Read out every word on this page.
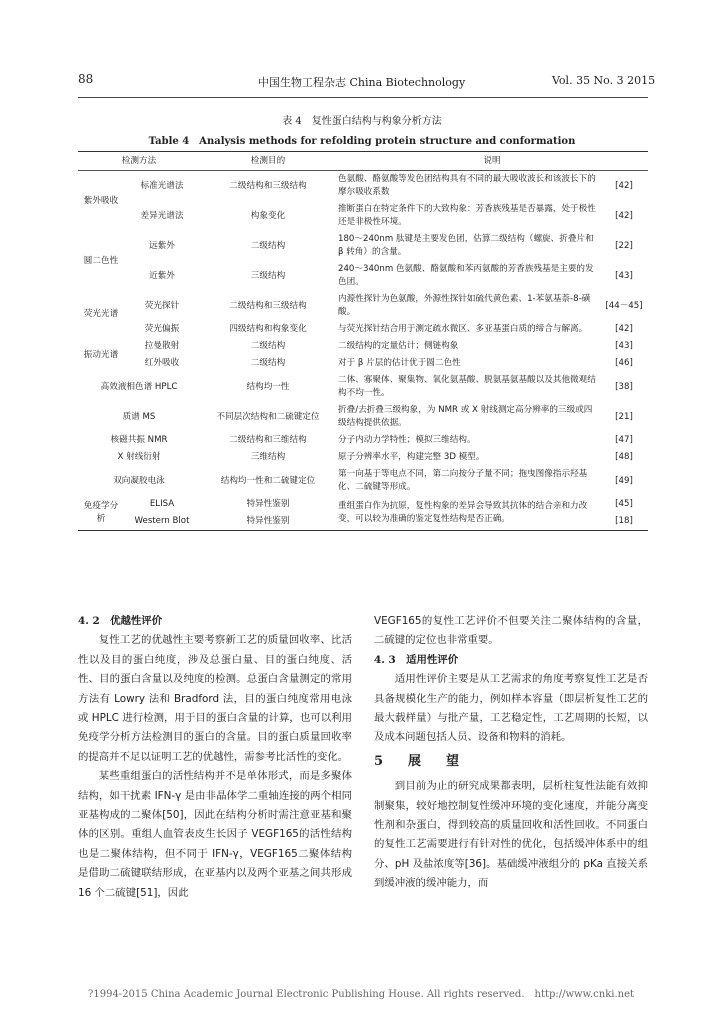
88	中国生物工程杂志 China Biotechnology	Vol. 35 No. 3 2015
表 4　复性蛋白结构与构象分析方法
Table 4　Analysis methods for refolding protein structure and conformation
检测方法		检测目的	说明	
紫外吸收	标准光谱法	二级结构和三级结构	色氨酸、酪氨酸等发色团结构具有不同的最大吸收波长和该波长下的摩尔吸收系数	[42]
	差异光谱法	构象变化	推断蛋白在特定条件下的大致构象：芳香族残基是否暴露，处于极性还是非极性环境。	[42]
圆二色性	远紫外	二级结构	180～240nm 肽键是主要发色团，估算二级结构（螺旋、折叠片和 β 转角）的含量。	[22]
	近紫外	三级结构	240～340nm 色氨酸、酪氨酸和苯丙氨酸的芳香族残基是主要的发色团。	[43]
荧光光谱	荧光探针	二级结构和三级结构	内源性探针为色氨酸，外源性探针如硫代黄色素、1-苯氨基萘-8-磺酸。	[44－45]
	荧光偏振	四级结构和构象变化	与荧光探针结合用于测定疏水微区、多亚基蛋白质的缔合与解离。	[42]
振动光谱	拉曼散射	二级结构	二级结构的定量估计；侧链构象	[43]
	红外吸收	二级结构	对于 β 片层的估计优于圆二色性	[46]
高效液相色谱 HPLC		结构均一性	二体、寡聚体、聚集物、氧化氨基酸、脱氨基氨基酸以及其他微观结构不均一性。	[38]
质谱 MS		不同层次结构和二硫键定位	折叠/去折叠三级构象，为 NMR 或 X 射线测定高分辨率的三级或四级结构提供依据。	[21]
核磁共振 NMR		二级结构和三维结构	分子内动力学特性；模拟三维结构。	[47]
X 射线衍射		三维结构	原子分辨率水平，构建完整 3D 模型。	[48]
双向凝胶电泳		结构均一性和二硫键定位	第一向基于等电点不同，第二向按分子量不同；拖曳图像指示羟基化、二硫键等形成。	[49]
免疫学分析	ELISA	特异性鉴别	重组蛋白作为抗原，复性构象的差异会导致其抗体的结合亲和力改变，可以较为准确的鉴定复性结构是否正确。	[45]
	Western Blot	特异性鉴别		[18]
4. 2　优越性评价

复性工艺的优越性主要考察新工艺的质量回收率、比活性以及目的蛋白纯度，涉及总蛋白量、目的蛋白纯度、活性、目的蛋白含量以及纯度的检测。总蛋白含量测定的常用方法有 Lowry 法和 Bradford 法，目的蛋白纯度常用电泳或 HPLC 进行检测，用于目的蛋白含量的计算，也可以利用免疫学分析方法检测目的蛋白的含量。目的蛋白质量回收率的提高并不足以证明工艺的优越性，需参考比活性的变化。

某些重组蛋白的活性结构并不是单体形式，而是多聚体结构，如干扰素 IFN-γ 是由非晶体学二重轴连接的两个相同亚基构成的二聚体[50]，因此在结构分析时需注意亚基和聚体的区别。重组人血管表皮生长因子 VEGF165的活性结构也是二聚体结构，但不同于 IFN-γ，VEGF165二聚体结构是借助二硫键联结形成，在亚基内以及两个亚基之间共形成 16 个二硫键[51]，因此

VEGF165的复性工艺评价不但要关注二聚体结构的含量，二硫键的定位也非常重要。

4. 3　适用性评价

适用性评价主要是从工艺需求的角度考察复性工艺是否具备规模化生产的能力，例如样本容量（即层析复性工艺的最大载样量）与批产量，工艺稳定性，工艺周期的长短，以及成本问题包括人员、设备和物料的消耗。

5　展　望

到目前为止的研究成果都表明，层析柱复性法能有效抑制聚集，较好地控制复性缓冲环境的变化速度，并能分离变性剂和杂蛋白，得到较高的质量回收和活性回收。不同蛋白的复性工艺需要进行有针对性的优化，包括缓冲体系中的组分、pH 及盐浓度等[36]。基础缓冲液组分的 pKa 直接关系到缓冲液的缓冲能力，而

?1994-2015 China Academic Journal Electronic Publishing House. All rights reserved.　http://www.cnki.net
